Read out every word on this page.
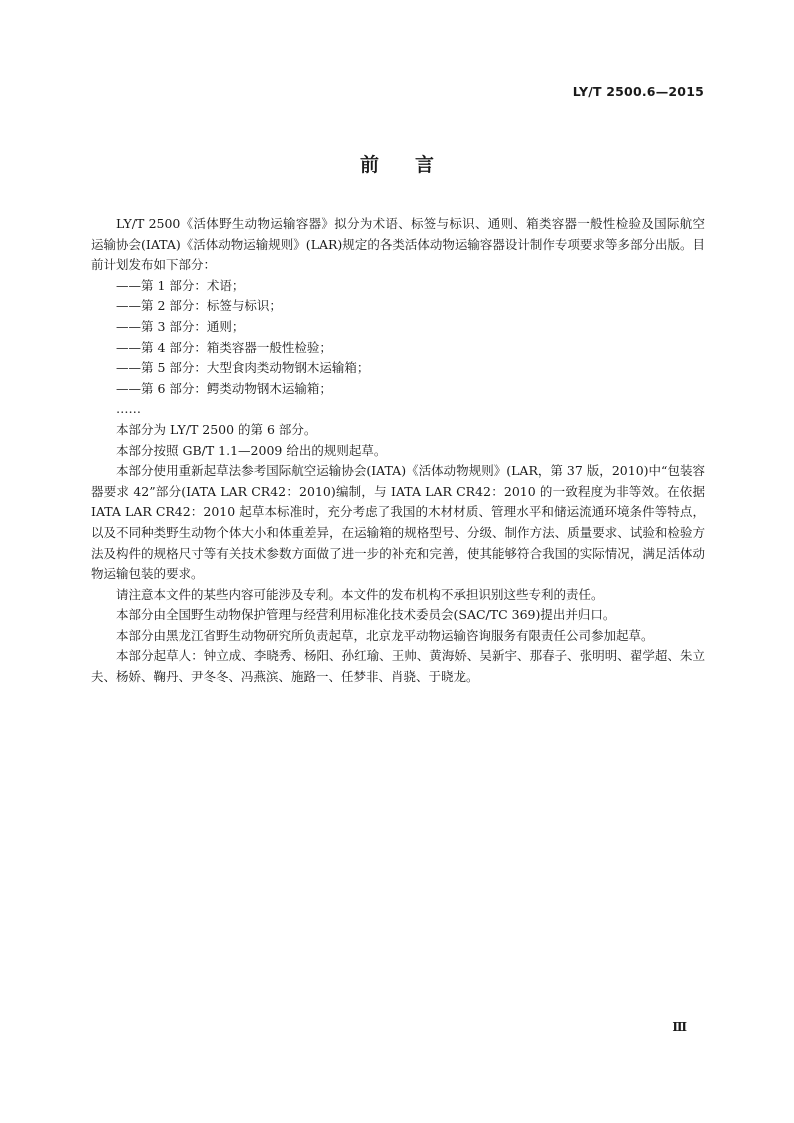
LY/T 2500.6—2015
前言

LY/T 2500《活体野生动物运输容器》拟分为术语、标签与标识、通则、箱类容器一般性检验及国际航空运输协会(IATA)《活体动物运输规则》(LAR)规定的各类活体动物运输容器设计制作专项要求等多部分出版。目前计划发布如下部分：

——第 1 部分：术语；
——第 2 部分：标签与标识；
——第 3 部分：通则；
——第 4 部分：箱类容器一般性检验；
——第 5 部分：大型食肉类动物钢木运输箱；
——第 6 部分：鳄类动物钢木运输箱；
……

本部分为 LY/T 2500 的第 6 部分。

本部分按照 GB/T 1.1—2009 给出的规则起草。

本部分使用重新起草法参考国际航空运输协会(IATA)《活体动物规则》(LAR，第 37 版，2010)中“包装容器要求 42”部分(IATA LAR CR42：2010)编制，与 IATA LAR CR42：2010 的一致程度为非等效。在依据 IATA LAR CR42：2010 起草本标准时，充分考虑了我国的木材材质、管理水平和储运流通环境条件等特点，以及不同种类野生动物个体大小和体重差异，在运输箱的规格型号、分级、制作方法、质量要求、试验和检验方法及构件的规格尺寸等有关技术参数方面做了进一步的补充和完善，使其能够符合我国的实际情况，满足活体动物运输包装的要求。

请注意本文件的某些内容可能涉及专利。本文件的发布机构不承担识别这些专利的责任。

本部分由全国野生动物保护管理与经营利用标准化技术委员会(SAC/TC 369)提出并归口。

本部分由黑龙江省野生动物研究所负责起草，北京龙平动物运输咨询服务有限责任公司参加起草。

本部分起草人：钟立成、李晓秀、杨阳、孙红瑜、王帅、黄海娇、吴新宇、那春子、张明明、翟学超、朱立夫、杨娇、鞠丹、尹冬冬、冯燕滨、施路一、任梦非、肖骁、于晓龙。

Ⅲ
